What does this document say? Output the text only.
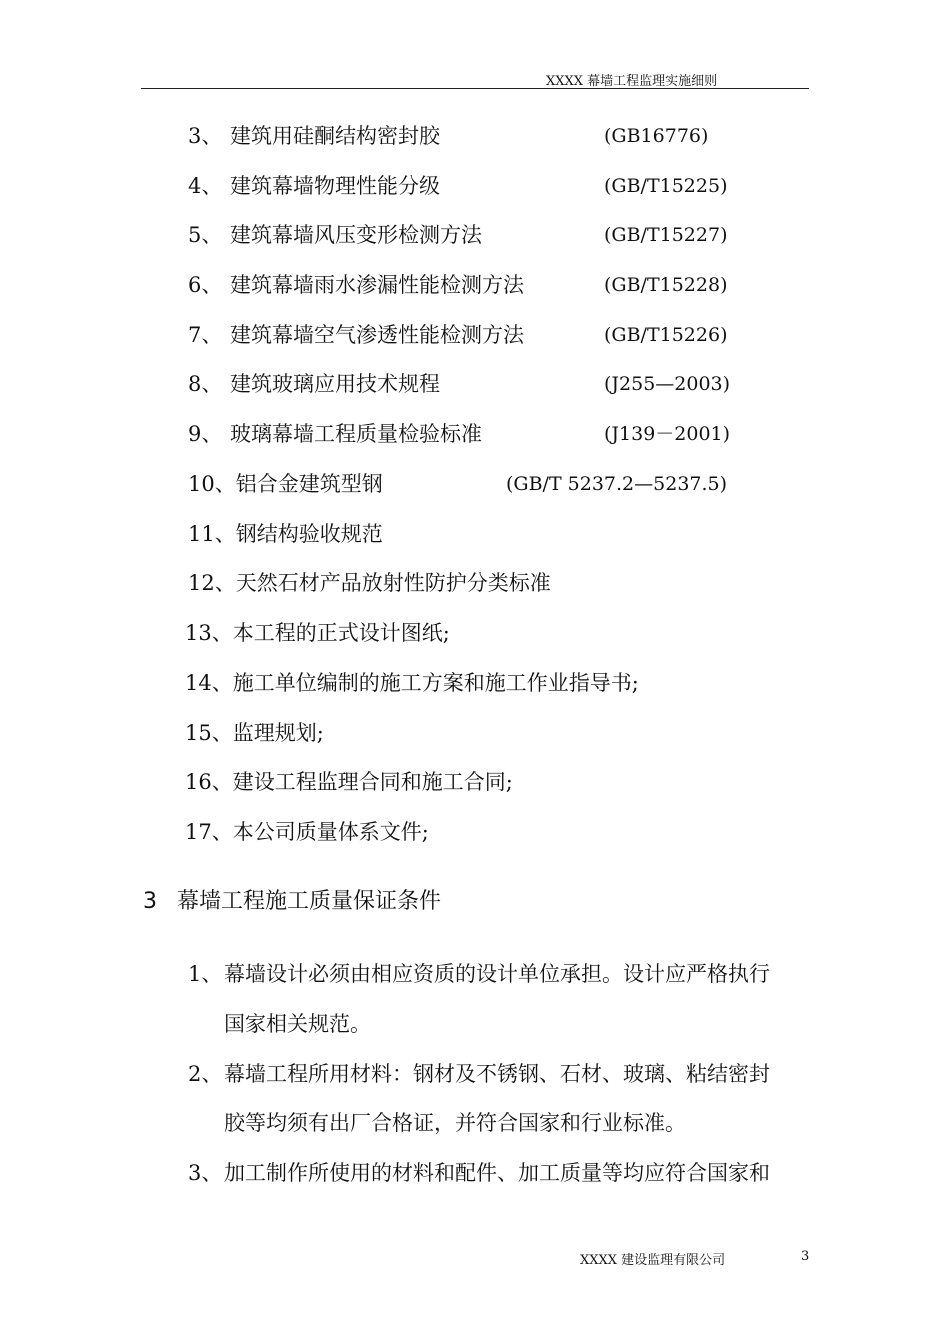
XXXX 幕墙工程监理实施细则
3、 建筑用硅酮结构密封胶	(GB16776)
4、 建筑幕墙物理性能分级	(GB/T15225)
5、 建筑幕墙风压变形检测方法	(GB/T15227)
6、 建筑幕墙雨水渗漏性能检测方法	(GB/T15228)
7、 建筑幕墙空气渗透性能检测方法	(GB/T15226)
8、 建筑玻璃应用技术规程	(J255—2003)
9、 玻璃幕墙工程质量检验标准	(J139－2001)
10、铝合金建筑型钢	(GB/T 5237.2—5237.5)
11、钢结构验收规范
12、天然石材产品放射性防护分类标准
13、本工程的正式设计图纸;
14、施工单位编制的施工方案和施工作业指导书;
15、监理规划;
16、建设工程监理合同和施工合同;
17、本公司质量体系文件;
3 幕墙工程施工质量保证条件
1、 幕墙设计必须由相应资质的设计单位承担。设计应严格执行
国家相关规范。
2、 幕墙工程所用材料：钢材及不锈钢、石材、玻璃、粘结密封
胶等均须有出厂合格证，并符合国家和行业标准。
3、 加工制作所使用的材料和配件、加工质量等均应符合国家和
XXXX 建设监理有限公司	3
